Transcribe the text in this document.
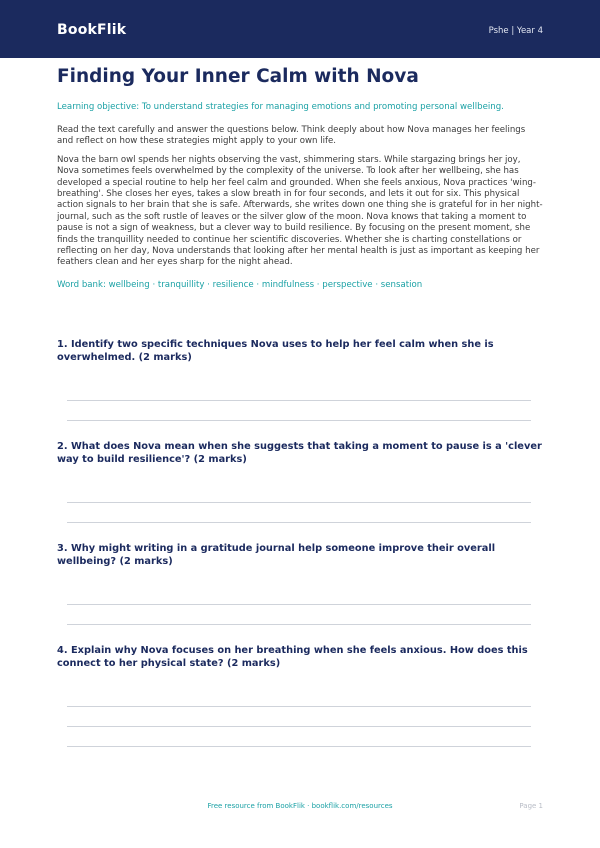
BookFlik	Pshe | Year 4
Finding Your Inner Calm with Nova
Learning objective: To understand strategies for managing emotions and promoting personal wellbeing.
Read the text carefully and answer the questions below. Think deeply about how Nova manages her feelings and reflect on how these strategies might apply to your own life.
Nova the barn owl spends her nights observing the vast, shimmering stars. While stargazing brings her joy, Nova sometimes feels overwhelmed by the complexity of the universe. To look after her wellbeing, she has developed a special routine to help her feel calm and grounded. When she feels anxious, Nova practices 'wing-breathing'. She closes her eyes, takes a slow breath in for four seconds, and lets it out for six. This physical action signals to her brain that she is safe. Afterwards, she writes down one thing she is grateful for in her night-journal, such as the soft rustle of leaves or the silver glow of the moon. Nova knows that taking a moment to pause is not a sign of weakness, but a clever way to build resilience. By focusing on the present moment, she finds the tranquillity needed to continue her scientific discoveries. Whether she is charting constellations or reflecting on her day, Nova understands that looking after her mental health is just as important as keeping her feathers clean and her eyes sharp for the night ahead.
Word bank: wellbeing · tranquillity · resilience · mindfulness · perspective · sensation
1. Identify two specific techniques Nova uses to help her feel calm when she is overwhelmed. (2 marks)
2. What does Nova mean when she suggests that taking a moment to pause is a 'clever way to build resilience'? (2 marks)
3. Why might writing in a gratitude journal help someone improve their overall wellbeing? (2 marks)
4. Explain why Nova focuses on her breathing when she feels anxious. How does this connect to her physical state? (2 marks)
Free resource from BookFlik · bookflik.com/resources	Page 1
